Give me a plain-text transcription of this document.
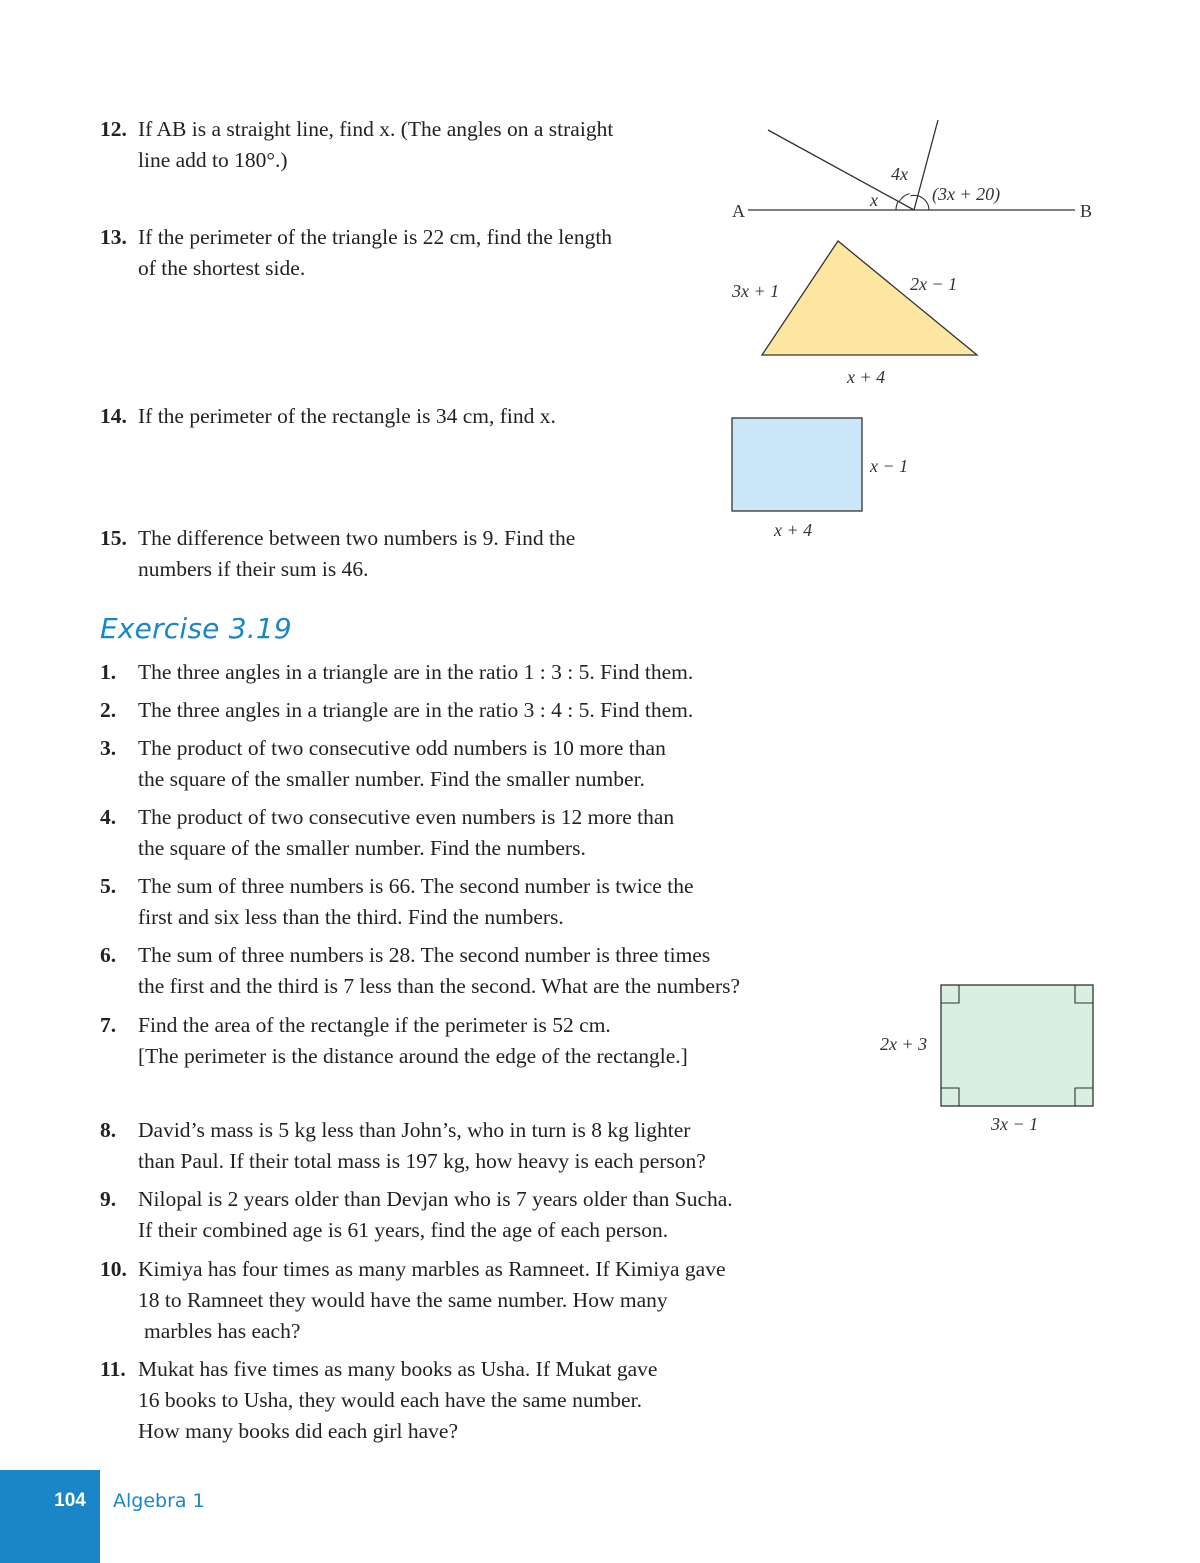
12. If AB is a straight line, find x. (The angles on a straight
line add to 180°.)
13. If the perimeter of the triangle is 22 cm, find the length
of the shortest side.
14. If the perimeter of the rectangle is 34 cm, find x.
15. The difference between two numbers is 9. Find the
numbers if their sum is 46.
Exercise 3.19
1.	The three angles in a triangle are in the ratio 1 : 3 : 5. Find them.
2.	The three angles in a triangle are in the ratio 3 : 4 : 5. Find them.
3.	The product of two consecutive odd numbers is 10 more than
the square of the smaller number. Find the smaller number.
4.	The product of two consecutive even numbers is 12 more than
the square of the smaller number. Find the numbers.
5.	The sum of three numbers is 66. The second number is twice the
first and six less than the third. Find the numbers.
6.	The sum of three numbers is 28. The second number is three times
the first and the third is 7 less than the second. What are the numbers?
7.	Find the area of the rectangle if the perimeter is 52 cm.
[The perimeter is the distance around the edge of the rectangle.]
8.	David’s mass is 5 kg less than John’s, who in turn is 8 kg lighter
than Paul. If their total mass is 197 kg, how heavy is each person?
9.	Nilopal is 2 years older than Devjan who is 7 years older than Sucha.
If their combined age is 61 years, find the age of each person.
10. Kimiya has four times as many marbles as Ramneet. If Kimiya gave
18 to Ramneet they would have the same number. How many
marbles has each?
11. Mukat has five times as many books as Usha. If Mukat gave
16 books to Usha, they would each have the same number.
How many books did each girl have?
A	B
x
4x
(3x + 20)
3x + 1	2x − 1
x + 4
x − 1
x + 4
2x + 3
3x − 1
104	Algebra 1
